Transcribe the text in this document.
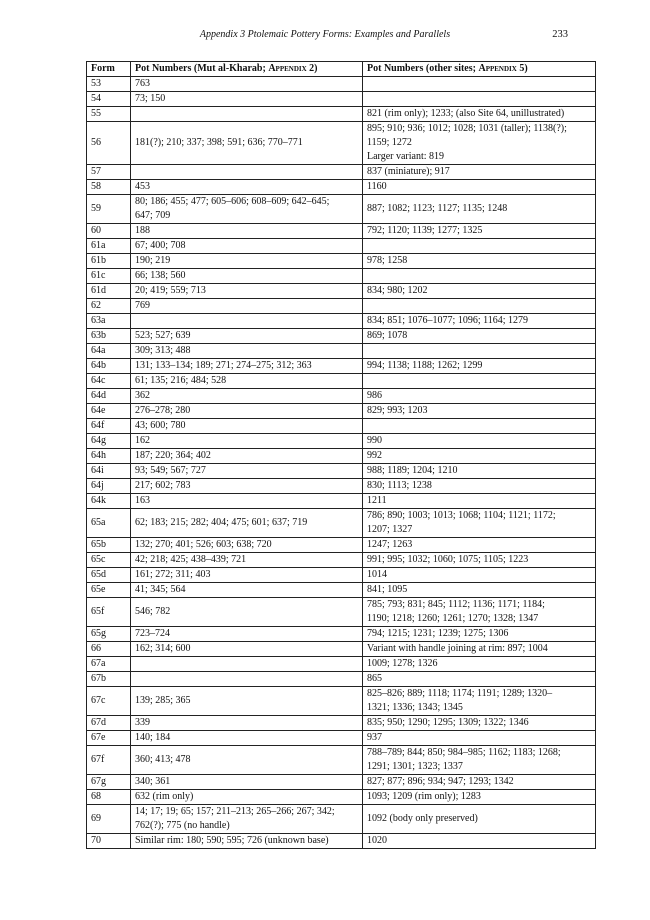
Appendix 3 Ptolemaic Pottery Forms: Examples and Parallels	233
Form	Pot Numbers (Mut al-Kharab; Appendix 2)	Pot Numbers (other sites; Appendix 5)
53	763	

54	73; 150	

55		821 (rim only); 1233; (also Site 64, unillustrated)

56	181(?); 210; 337; 398; 591; 636; 770–771	895; 910; 936; 1012; 1028; 1031 (taller); 1138(?);
1159; 1272
Larger variant: 819

57		837 (miniature); 917

58	453	1160

59	80; 186; 455; 477; 605–606; 608–609; 642–645;
647; 709	887; 1082; 1123; 1127; 1135; 1248

60	188	792; 1120; 1139; 1277; 1325

61a	67; 400; 708	

61b	190; 219	978; 1258

61c	66; 138; 560	

61d	20; 419; 559; 713	834; 980; 1202

62	769	

63a		834; 851; 1076–1077; 1096; 1164; 1279

63b	523; 527; 639	869; 1078

64a	309; 313; 488	

64b	131; 133–134; 189; 271; 274–275; 312; 363	994; 1138; 1188; 1262; 1299

64c	61; 135; 216; 484; 528	

64d	362	986

64e	276–278; 280	829; 993; 1203

64f	43; 600; 780	

64g	162	990

64h	187; 220; 364; 402	992

64i	93; 549; 567; 727	988; 1189; 1204; 1210

64j	217; 602; 783	830; 1113; 1238

64k	163	1211

65a	62; 183; 215; 282; 404; 475; 601; 637; 719	786; 890; 1003; 1013; 1068; 1104; 1121; 1172;
1207; 1327

65b	132; 270; 401; 526; 603; 638; 720	1247; 1263

65c	42; 218; 425; 438–439; 721	991; 995; 1032; 1060; 1075; 1105; 1223

65d	161; 272; 311; 403	1014

65e	41; 345; 564	841; 1095

65f	546; 782	785; 793; 831; 845; 1112; 1136; 1171; 1184;
1190; 1218; 1260; 1261; 1270; 1328; 1347

65g	723–724	794; 1215; 1231; 1239; 1275; 1306

66	162; 314; 600	Variant with handle joining at rim: 897; 1004

67a		1009; 1278; 1326

67b		865

67c	139; 285; 365	825–826; 889; 1118; 1174; 1191; 1289; 1320–
1321; 1336; 1343; 1345

67d	339	835; 950; 1290; 1295; 1309; 1322; 1346

67e	140; 184	937

67f	360; 413; 478	788–789; 844; 850; 984–985; 1162; 1183; 1268;
1291; 1301; 1323; 1337

67g	340; 361	827; 877; 896; 934; 947; 1293; 1342

68	632 (rim only)	1093; 1209 (rim only); 1283

69	14; 17; 19; 65; 157; 211–213; 265–266; 267; 342;
762(?); 775 (no handle)	1092 (body only preserved)

70	Similar rim: 180; 590; 595; 726 (unknown base)	1020
